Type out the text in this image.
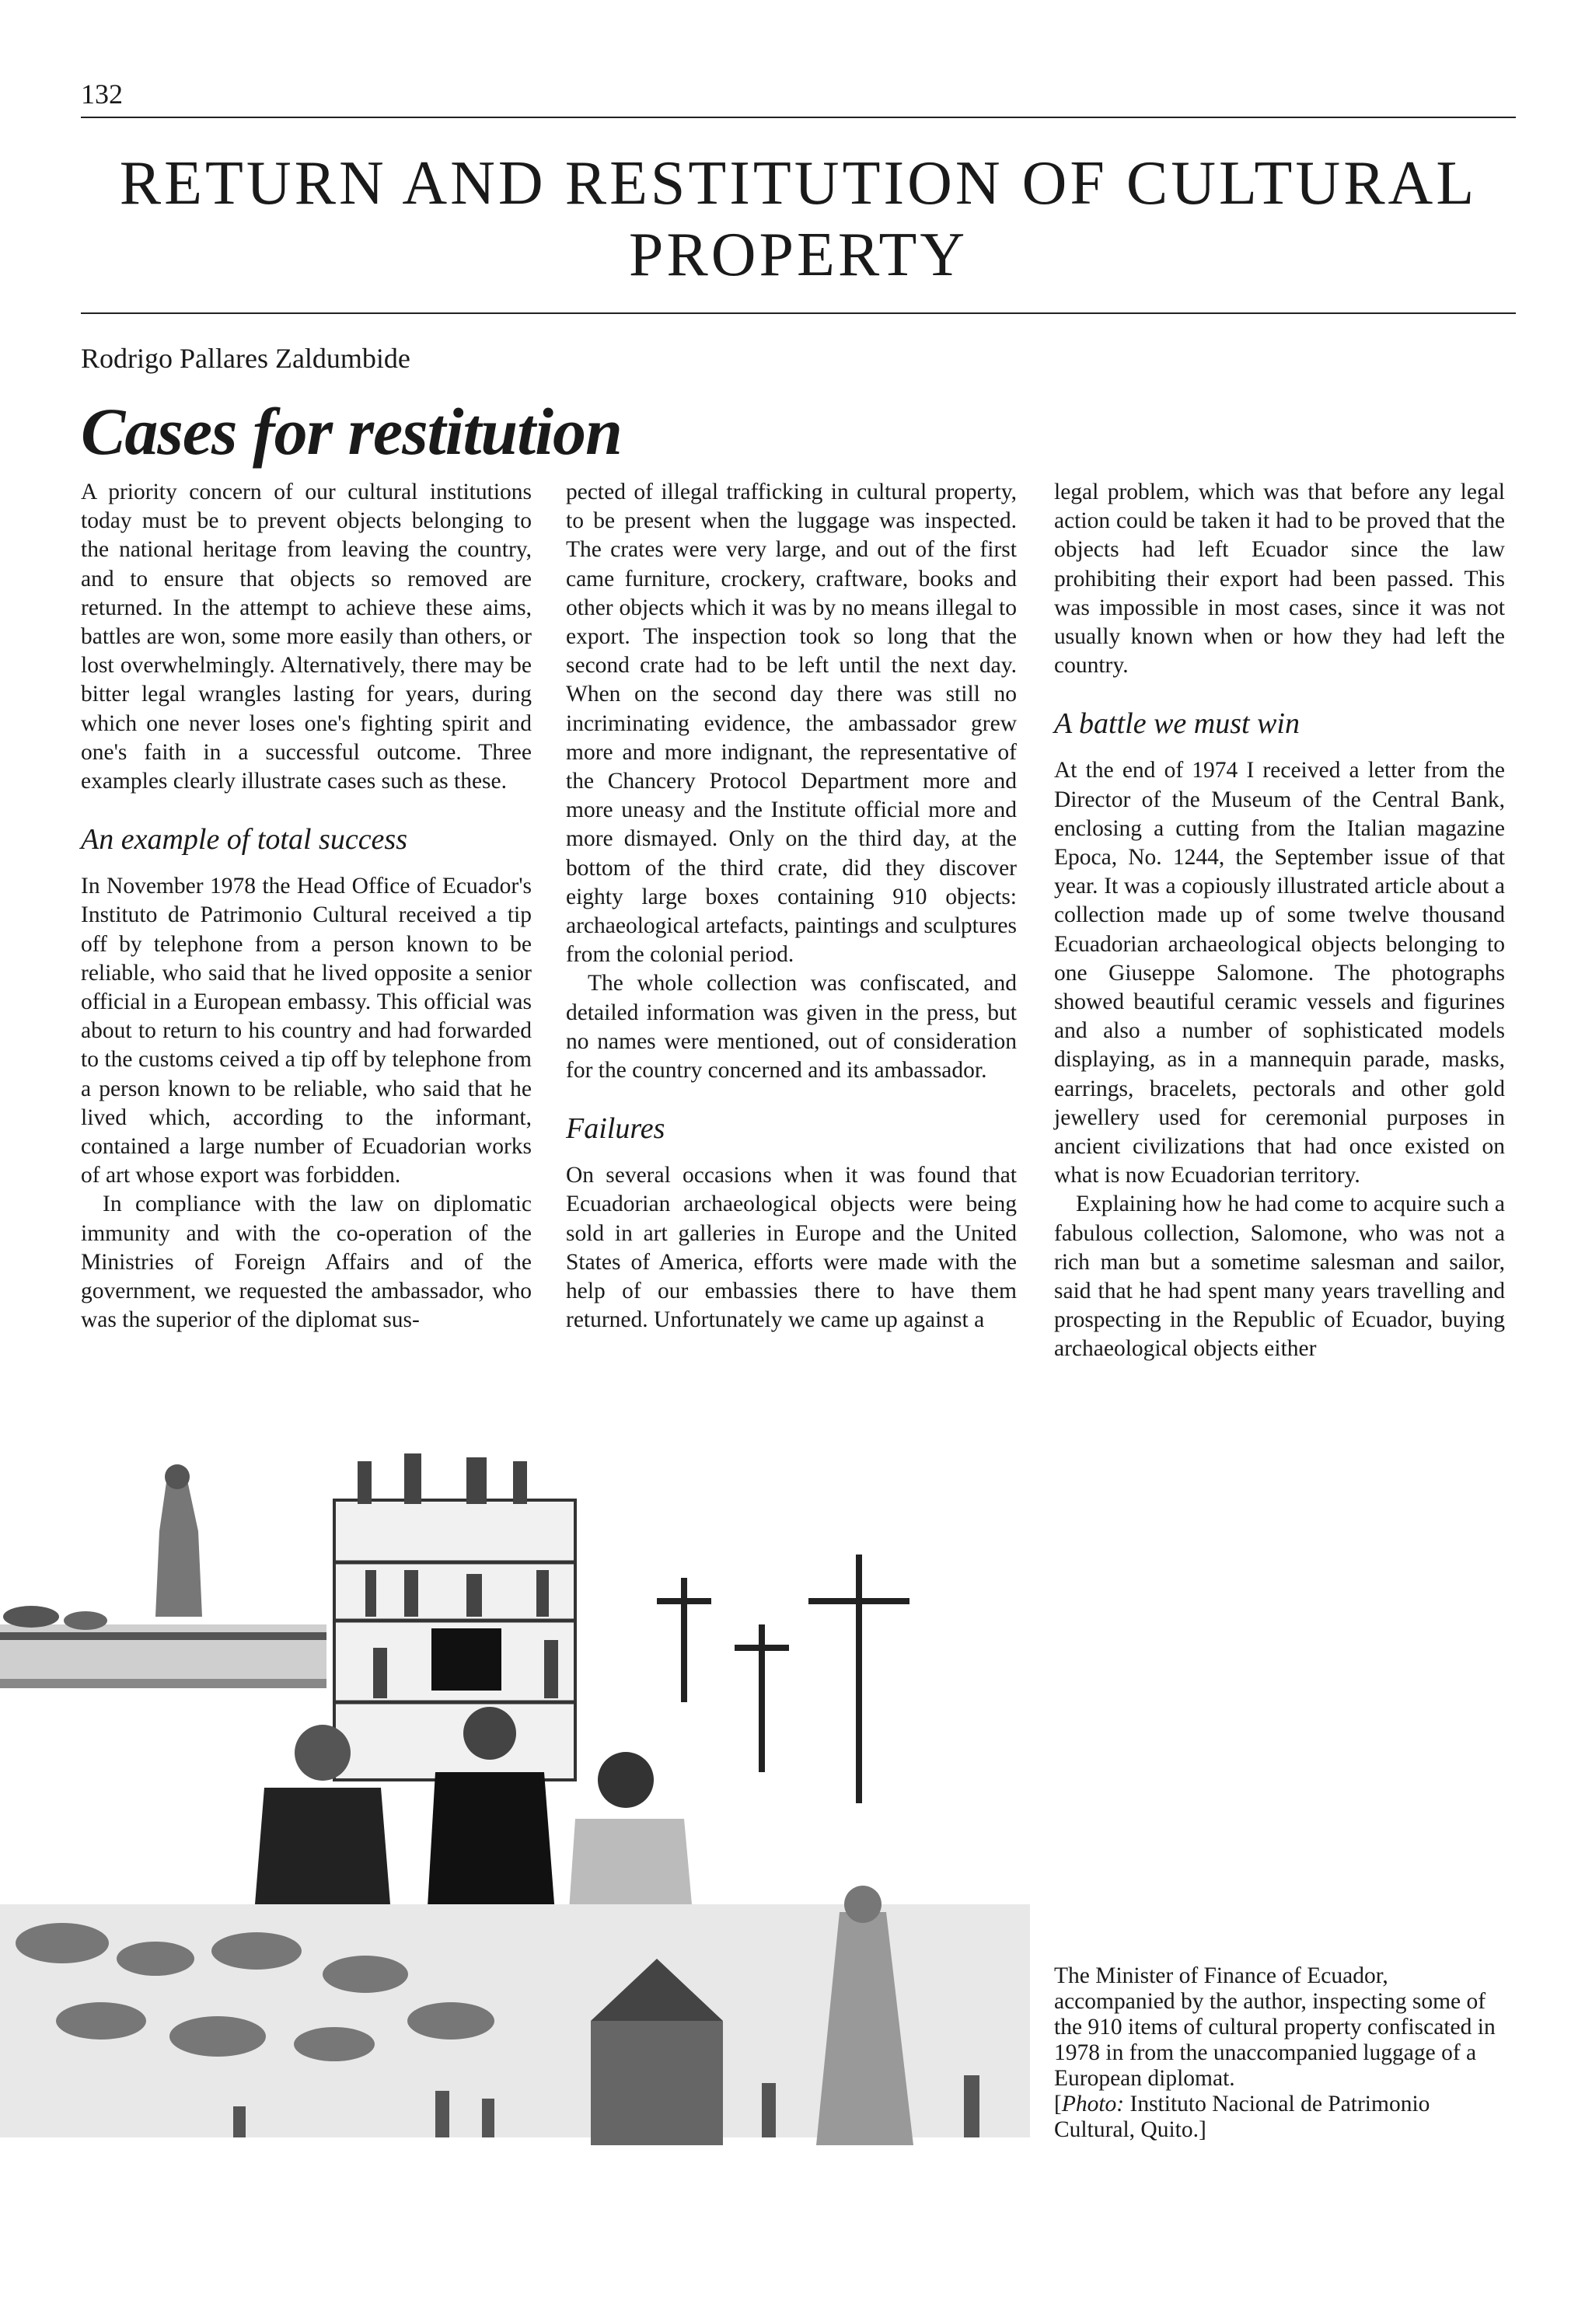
132
RETURN AND RESTITUTION OF CULTURAL PROPERTY
Rodrigo Pallares Zaldumbide
Cases for restitution

A priority concern of our cultural institutions today must be to prevent objects belonging to the national heritage from leaving the country, and to ensure that objects so removed are returned. In the attempt to achieve these aims, battles are won, some more easily than others, or lost overwhelmingly. Alternatively, there may be bitter legal wrangles lasting for years, during which one never loses one's fighting spirit and one's faith in a successful outcome. Three examples clearly illustrate cases such as these.

An example of total success

In November 1978 the Head Office of Ecuador's Instituto de Patrimonio Cultural received a tip off by telephone from a person known to be reliable, who said that he lived opposite a senior official in a European embassy. This official was about to return to his country and had forwarded to the customs ceived a tip off by telephone from a person known to be reliable, who said that he lived which, according to the informant, contained a large number of Ecuadorian works of art whose export was forbidden.

In compliance with the law on diplomatic immunity and with the co-operation of the Ministries of Foreign Affairs and of the government, we requested the ambassador, who was the superior of the diplomat sus-

pected of illegal trafficking in cultural property, to be present when the luggage was inspected. The crates were very large, and out of the first came furniture, crockery, craftware, books and other objects which it was by no means illegal to export. The inspection took so long that the second crate had to be left until the next day. When on the second day there was still no incriminating evidence, the ambassador grew more and more indignant, the representative of the Chancery Protocol Department more and more uneasy and the Institute official more and more dismayed. Only on the third day, at the bottom of the third crate, did they discover eighty large boxes containing 910 objects: archaeological artefacts, paintings and sculptures from the colonial period.

The whole collection was confiscated, and detailed information was given in the press, but no names were mentioned, out of consideration for the country concerned and its ambassador.

Failures

On several occasions when it was found that Ecuadorian archaeological objects were being sold in art galleries in Europe and the United States of America, efforts were made with the help of our embassies there to have them returned. Unfortunately we came up against a

legal problem, which was that before any legal action could be taken it had to be proved that the objects had left Ecuador since the law prohibiting their export had been passed. This was impossible in most cases, since it was not usually known when or how they had left the country.

A battle we must win

At the end of 1974 I received a letter from the Director of the Museum of the Central Bank, enclosing a cutting from the Italian magazine Epoca, No. 1244, the September issue of that year. It was a copiously illustrated article about a collection made up of some twelve thousand Ecuadorian archaeological objects belonging to one Giuseppe Salomone. The photographs showed beautiful ceramic vessels and figurines and also a number of sophisticated models displaying, as in a mannequin parade, masks, earrings, bracelets, pectorals and other gold jewellery used for ceremonial purposes in ancient civilizations that had once existed on what is now Ecuadorian territory.

Explaining how he had come to acquire such a fabulous collection, Salomone, who was not a rich man but a sometime salesman and sailor, said that he had spent many years travelling and prospecting in the Republic of Ecuador, buying archaeological objects either

The Minister of Finance of Ecuador, accompanied by the author, inspecting some of the 910 items of cultural property confiscated in 1978 in from the unaccompanied luggage of a European diplomat.
[Photo: Instituto Nacional de Patrimonio Cultural, Quito.]
